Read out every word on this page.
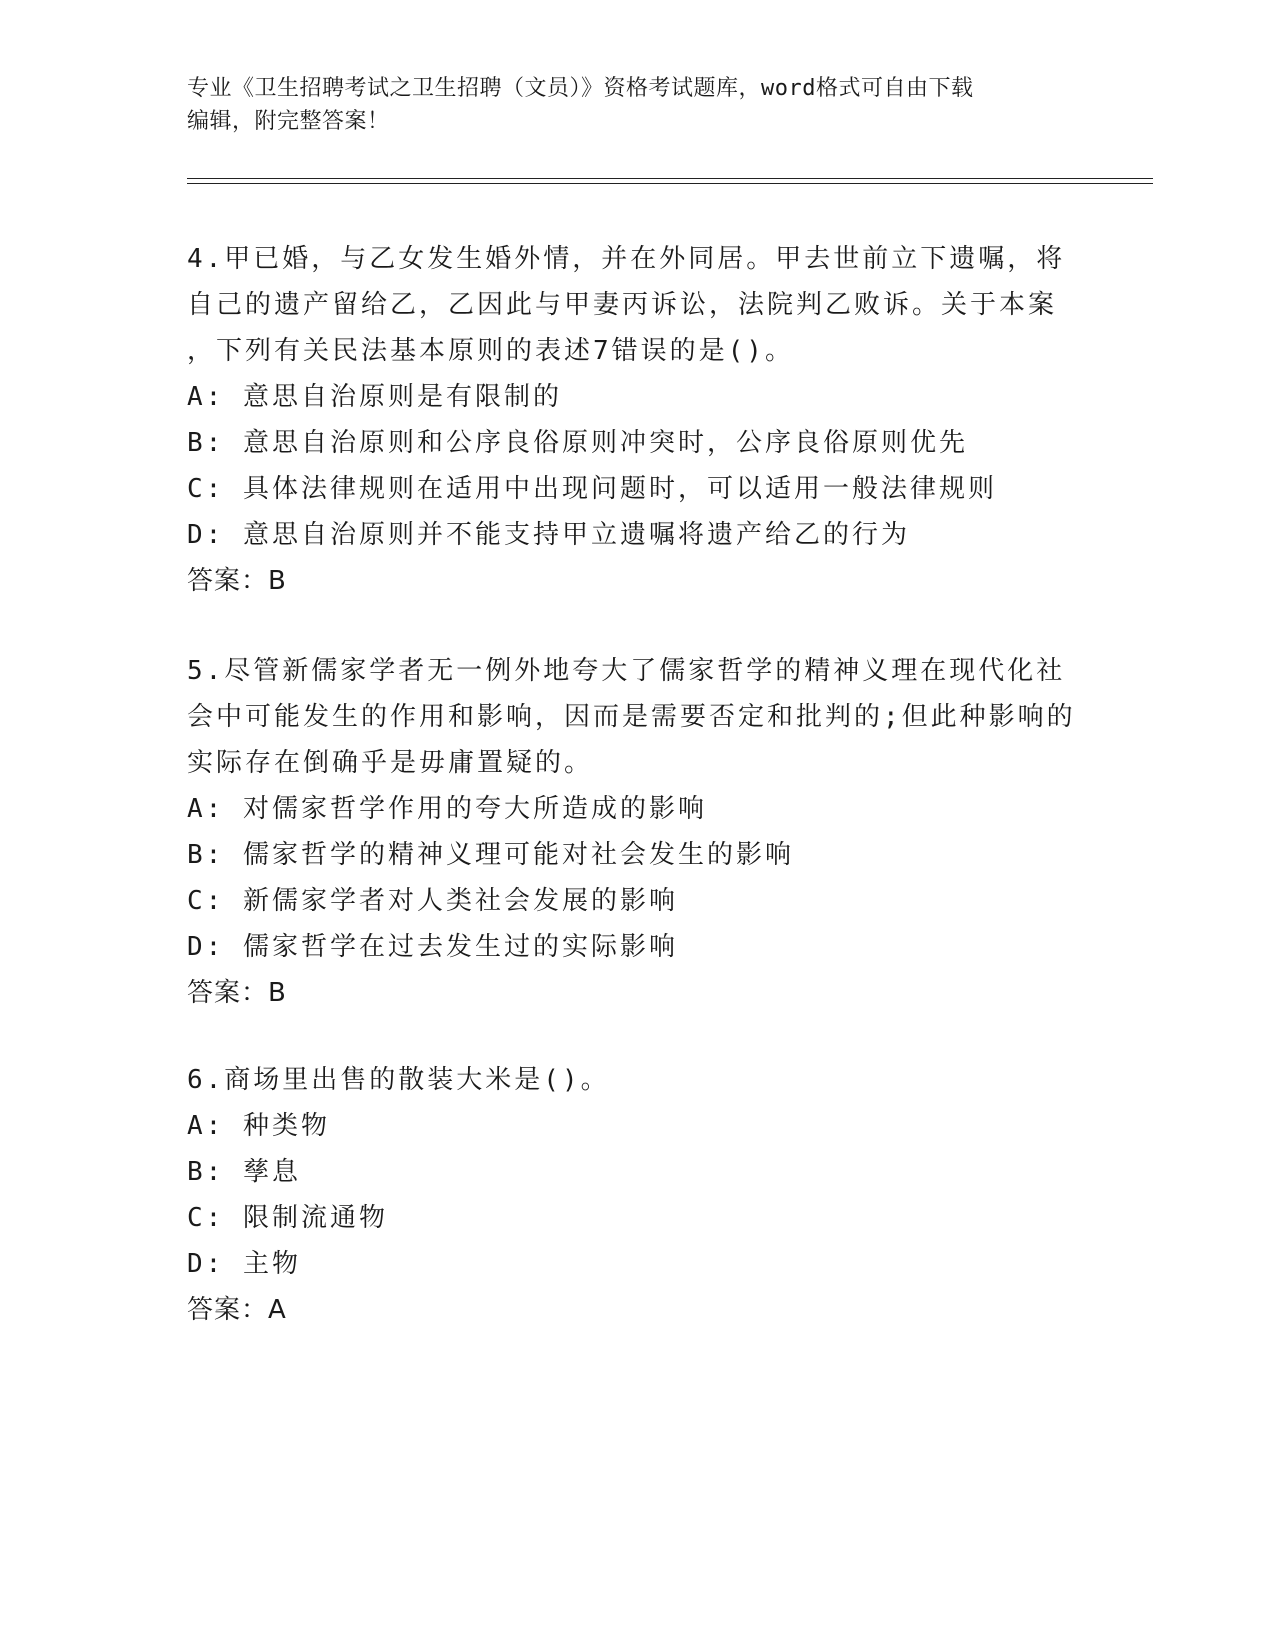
专业《卫生招聘考试之卫生招聘（文员）》资格考试题库，word格式可自由下载
编辑，附完整答案！
4.甲已婚，与乙女发生婚外情，并在外同居。甲去世前立下遗嘱，将
自己的遗产留给乙，乙因此与甲妻丙诉讼，法院判乙败诉。关于本案
，下列有关民法基本原则的表述7错误的是()。
A: 意思自治原则是有限制的
B: 意思自治原则和公序良俗原则冲突时，公序良俗原则优先
C: 具体法律规则在适用中出现问题时，可以适用一般法律规则
D: 意思自治原则并不能支持甲立遗嘱将遗产给乙的行为
答案：B
5.尽管新儒家学者无一例外地夸大了儒家哲学的精神义理在现代化社
会中可能发生的作用和影响，因而是需要否定和批判的;但此种影响的
实际存在倒确乎是毋庸置疑的。
A: 对儒家哲学作用的夸大所造成的影响
B: 儒家哲学的精神义理可能对社会发生的影响
C: 新儒家学者对人类社会发展的影响
D: 儒家哲学在过去发生过的实际影响
答案：B
6.商场里出售的散装大米是()。
A: 种类物
B: 孳息
C: 限制流通物
D: 主物
答案：A
